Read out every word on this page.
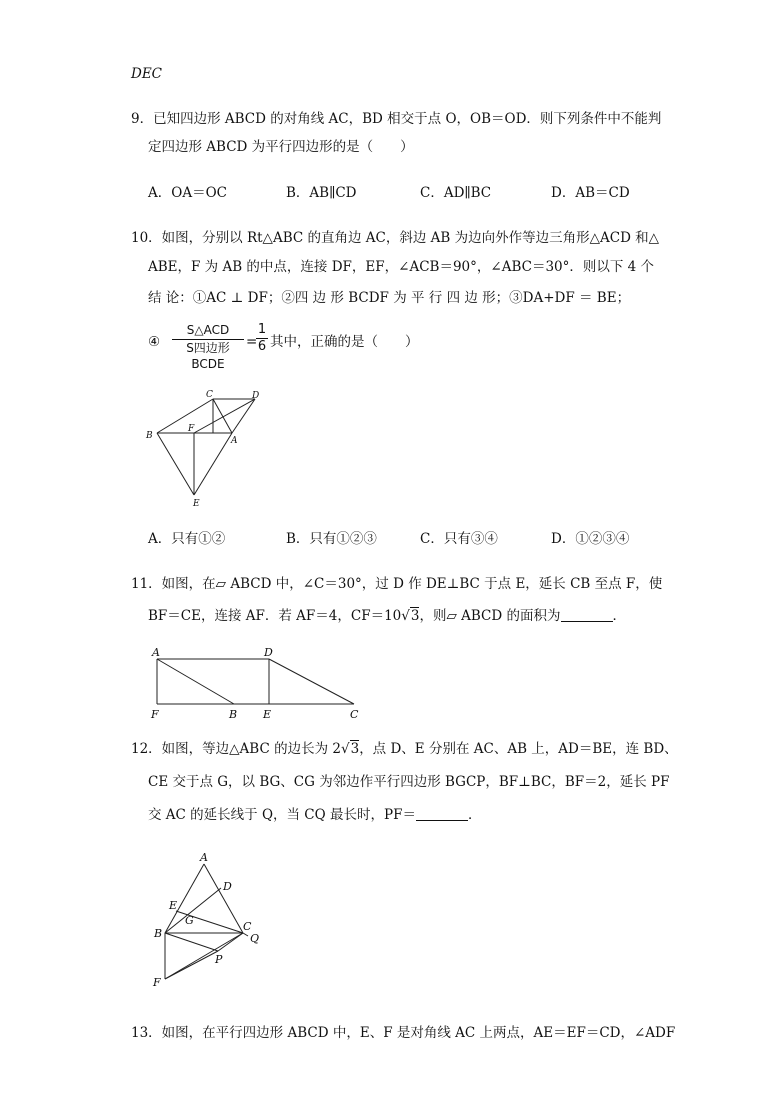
DEC
9．已知四边形 ABCD 的对角线 AC，BD 相交于点 O，OB＝OD．则下列条件中不能判
定四边形 ABCD 为平行四边形的是（　　）
A．OA＝OC	B．AB∥CD	C．AD∥BC	D．AB＝CD
10．如图，分别以 Rt△ABC 的直角边 AC，斜边 AB 为边向外作等边三角形△ACD 和△
ABE，F 为 AB 的中点，连接 DF，EF，∠ACB＝90°，∠ABC＝30°．则以下 4 个
结 论：①AC ⊥ DF；②四 边 形 BCDF 为 平 行 四 边 形；③DA+DF ＝ BE；
④
S△ACD
S四边形BCDE
=
$\frac{1}{6}$ 其中，正确的是（　　）
C	D
B
F
A
E
A．只有①②	B．只有①②③	C．只有③④	D．①②③④
11．如图，在▱ ABCD 中，∠C＝30°，过 D 作 DE⊥BC 于点 E，延长 CB 至点 F，使
BF＝CE，连接 AF．若 AF＝4，CF＝10√3，则▱ ABCD 的面积为	．
A	D
F	B E	C
12．如图，等边△ABC 的边长为 2√3，点 D、E 分别在 AC、AB 上，AD＝BE，连 BD、
CE 交于点 G，以 BG、CG 为邻边作平行四边形 BGCP，BF⊥BC，BF＝2，延长 PF
交 AC 的延长线于 Q，当 CQ 最长时，PF＝	．
A
D
E
G
B
C
Q
P
F
13．如图，在平行四边形 ABCD 中，E、F 是对角线 AC 上两点，AE＝EF＝CD，∠ADF
